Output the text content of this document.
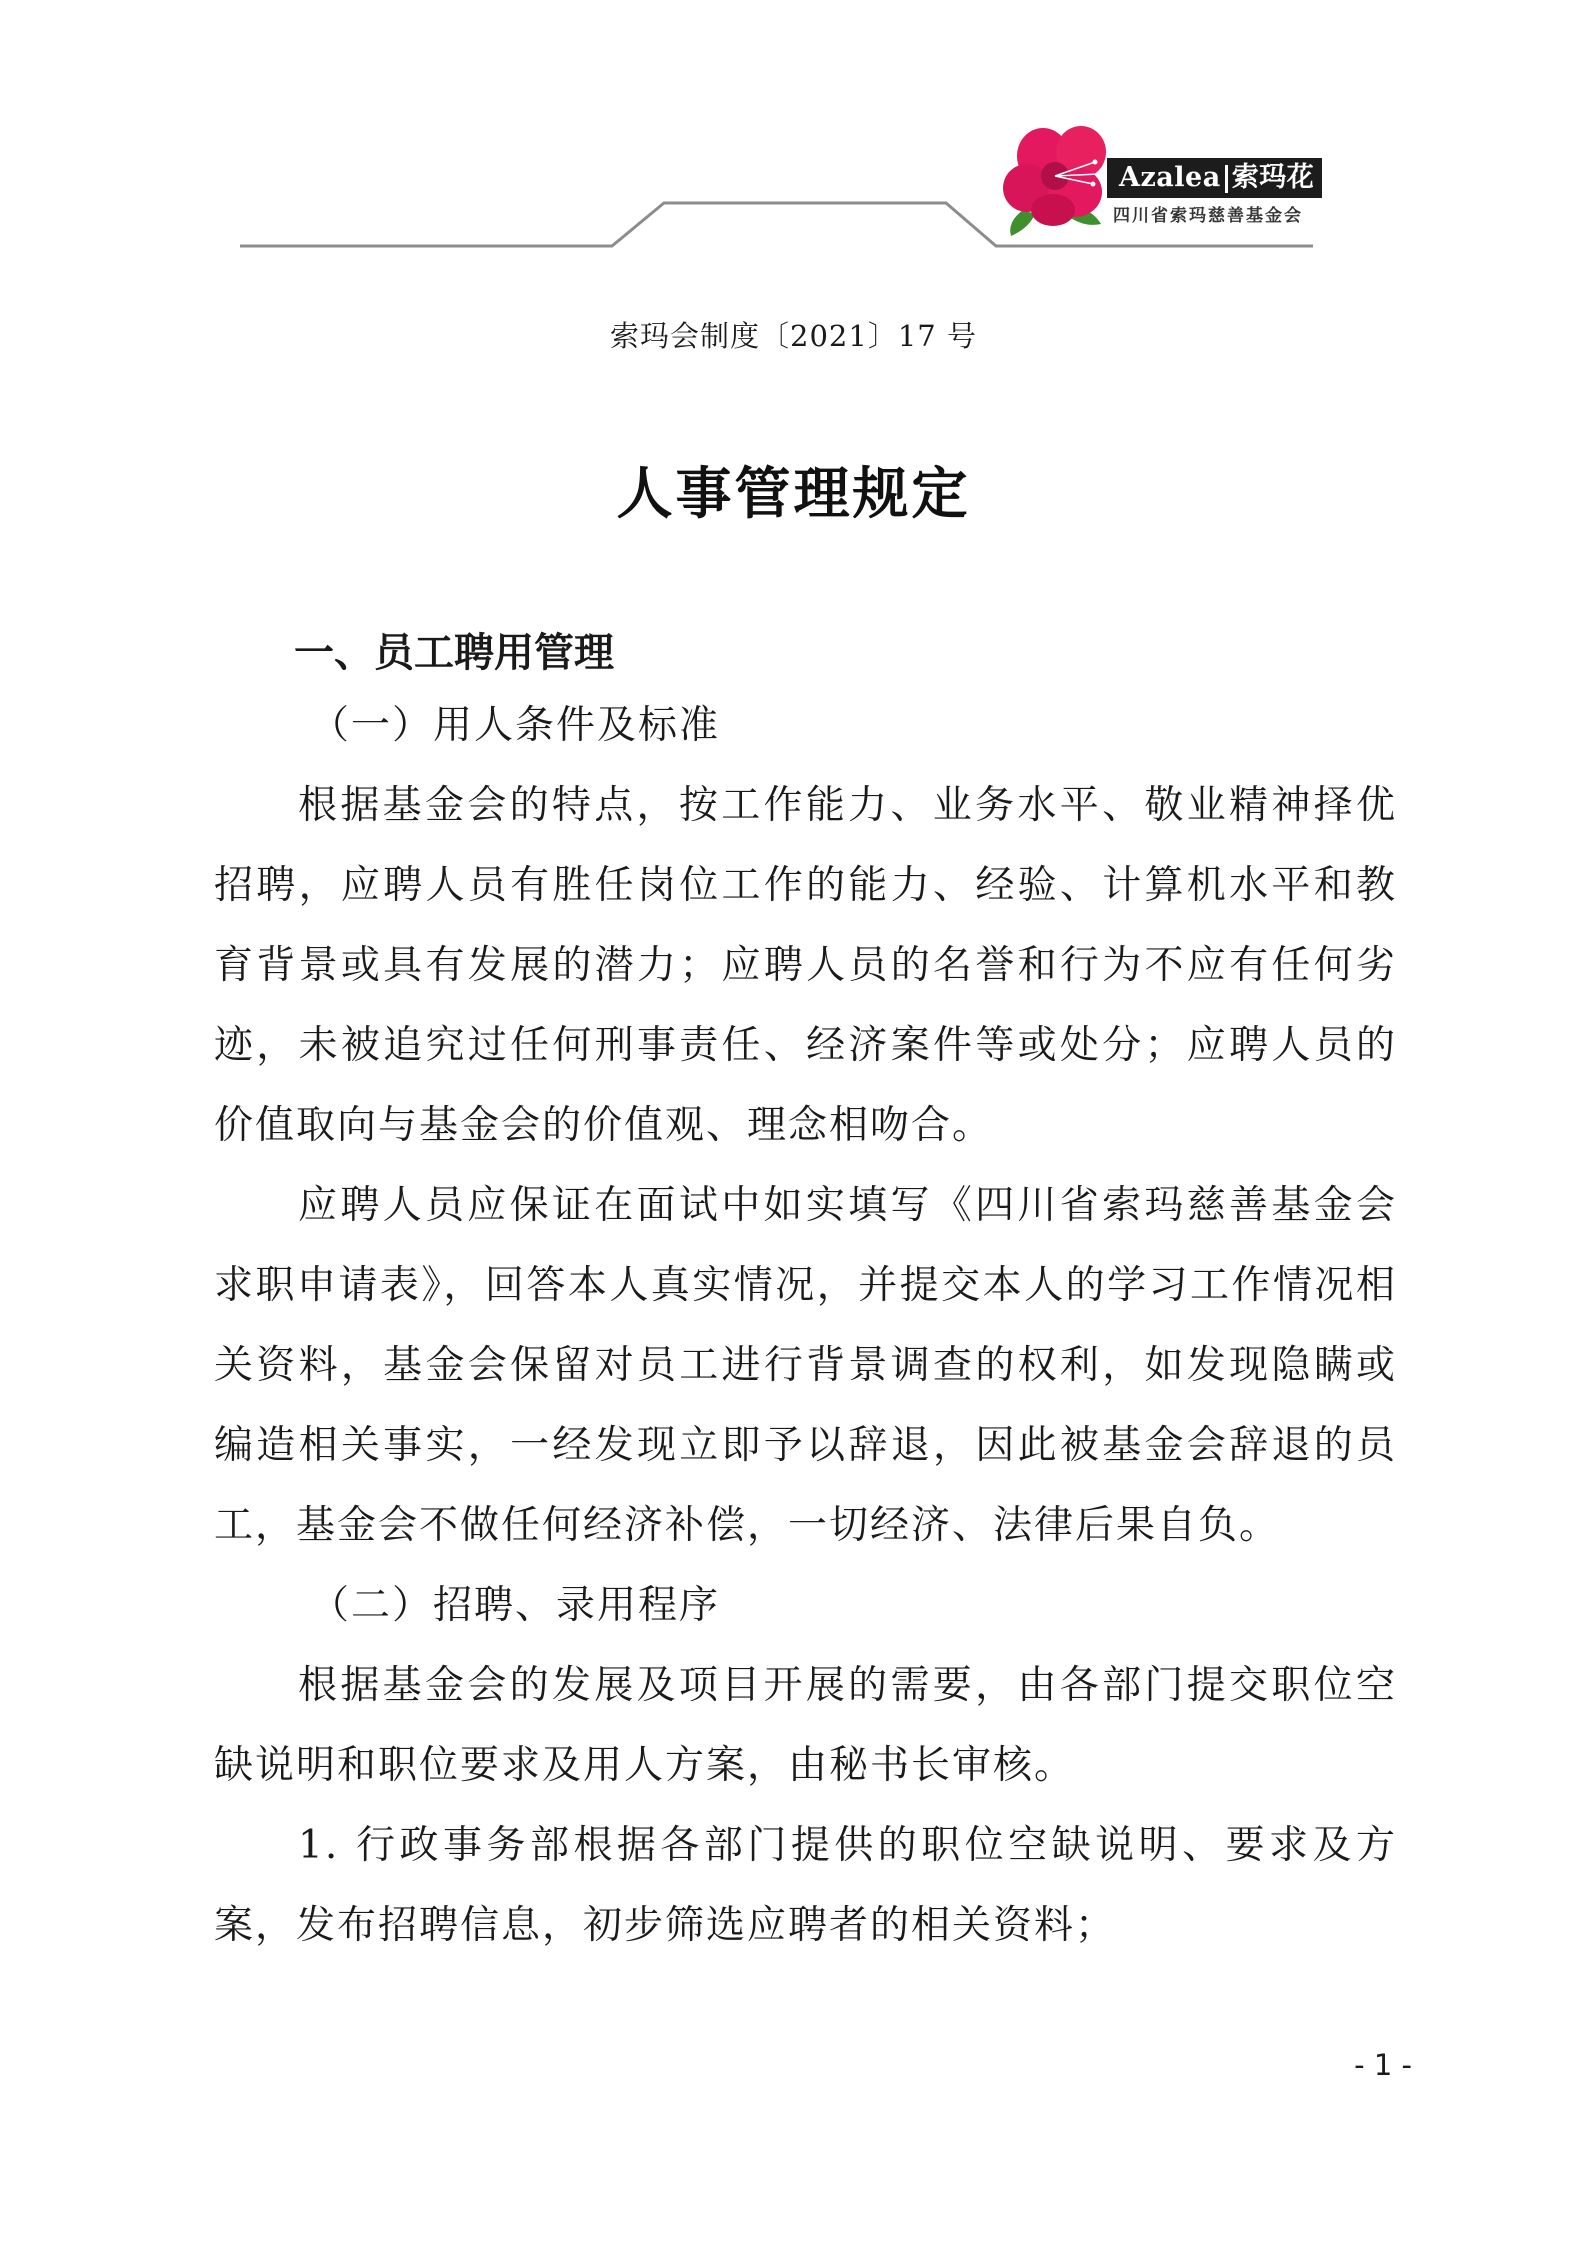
Azalea 索玛花
四川省索玛慈善基金会
索玛会制度〔2021〕17 号
人事管理规定
一、员工聘用管理
（一）用人条件及标准

根据基金会的特点，按工作能力、业务水平、敬业精神择优招聘，应聘人员有胜任岗位工作的能力、经验、计算机水平和教育背景或具有发展的潜力；应聘人员的名誉和行为不应有任何劣迹，未被追究过任何刑事责任、经济案件等或处分；应聘人员的价值取向与基金会的价值观、理念相吻合。

应聘人员应保证在面试中如实填写《四川省索玛慈善基金会求职申请表》，回答本人真实情况，并提交本人的学习工作情况相关资料，基金会保留对员工进行背景调查的权利，如发现隐瞒或编造相关事实，一经发现立即予以辞退，因此被基金会辞退的员工，基金会不做任何经济补偿，一切经济、法律后果自负。

（二）招聘、录用程序

根据基金会的发展及项目开展的需要，由各部门提交职位空缺说明和职位要求及用人方案，由秘书长审核。

1. 行政事务部根据各部门提供的职位空缺说明、要求及方案，发布招聘信息，初步筛选应聘者的相关资料；

- 1 -
